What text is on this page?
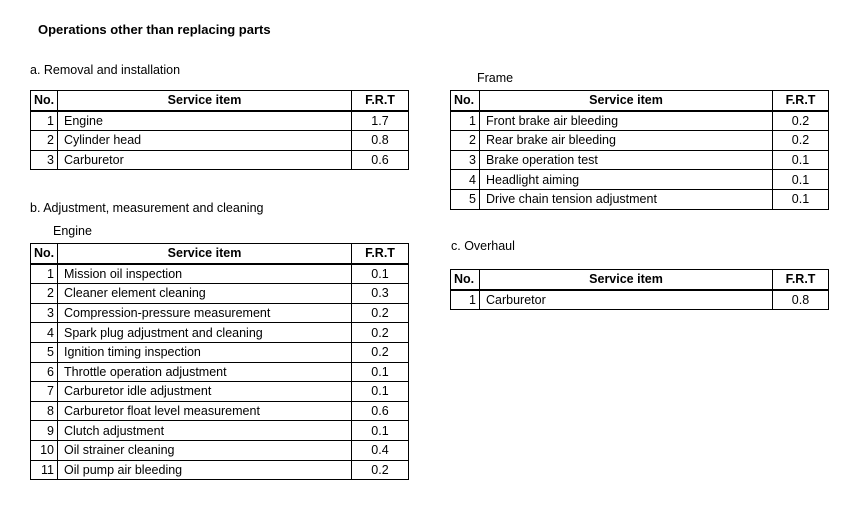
Operations other than replacing parts
a. Removal and installation
No.	Service item	F.R.T
1	Engine	1.7
2	Cylinder head	0.8
3	Carburetor	0.6
b. Adjustment, measurement and cleaning
Engine
No.	Service item	F.R.T
1	Mission oil inspection	0.1
2	Cleaner element cleaning	0.3
3	Compression-pressure measurement	0.2
4	Spark plug adjustment and cleaning	0.2
5	Ignition timing inspection	0.2
6	Throttle operation adjustment	0.1
7	Carburetor idle adjustment	0.1
8	Carburetor float level measurement	0.6
9	Clutch adjustment	0.1
10	Oil strainer cleaning	0.4
11	Oil pump air bleeding	0.2
Frame
No.	Service item	F.R.T
1	Front brake air bleeding	0.2
2	Rear brake air bleeding	0.2
3	Brake operation test	0.1
4	Headlight aiming	0.1
5	Drive chain tension adjustment	0.1
c. Overhaul
No.	Service item	F.R.T
1	Carburetor	0.8
